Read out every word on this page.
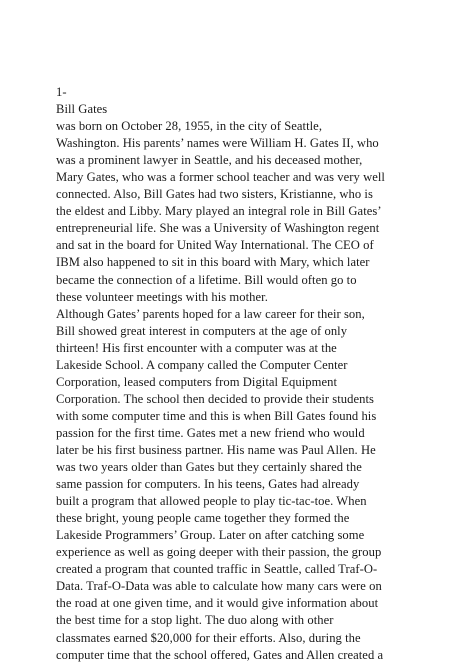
1-
Bill Gates
was born on October 28, 1955, in the city of Seattle,
Washington. His parents’ names were William H. Gates II, who
was a prominent lawyer in Seattle, and his deceased mother,
Mary Gates, who was a former school teacher and was very well
connected. Also, Bill Gates had two sisters, Kristianne, who is
the eldest and Libby. Mary played an integral role in Bill Gates’
entrepreneurial life. She was a University of Washington regent
and sat in the board for United Way International. The CEO of
IBM also happened to sit in this board with Mary, which later
became the connection of a lifetime. Bill would often go to
these volunteer meetings with his mother.
Although Gates’ parents hoped for a law career for their son,
Bill showed great interest in computers at the age of only
thirteen! His first encounter with a computer was at the
Lakeside School. A company called the Computer Center
Corporation, leased computers from Digital Equipment
Corporation. The school then decided to provide their students
with some computer time and this is when Bill Gates found his
passion for the first time. Gates met a new friend who would
later be his first business partner. His name was Paul Allen. He
was two years older than Gates but they certainly shared the
same passion for computers. In his teens, Gates had already
built a program that allowed people to play tic-tac-toe. When
these bright, young people came together they formed the
Lakeside Programmers’ Group. Later on after catching some
experience as well as going deeper with their passion, the group
created a program that counted traffic in Seattle, called Traf-O-
Data. Traf-O-Data was able to calculate how many cars were on
the road at one given time, and it would give information about
the best time for a stop light. The duo along with other
classmates earned $20,000 for their efforts. Also, during the
computer time that the school offered, Gates and Allen created a
